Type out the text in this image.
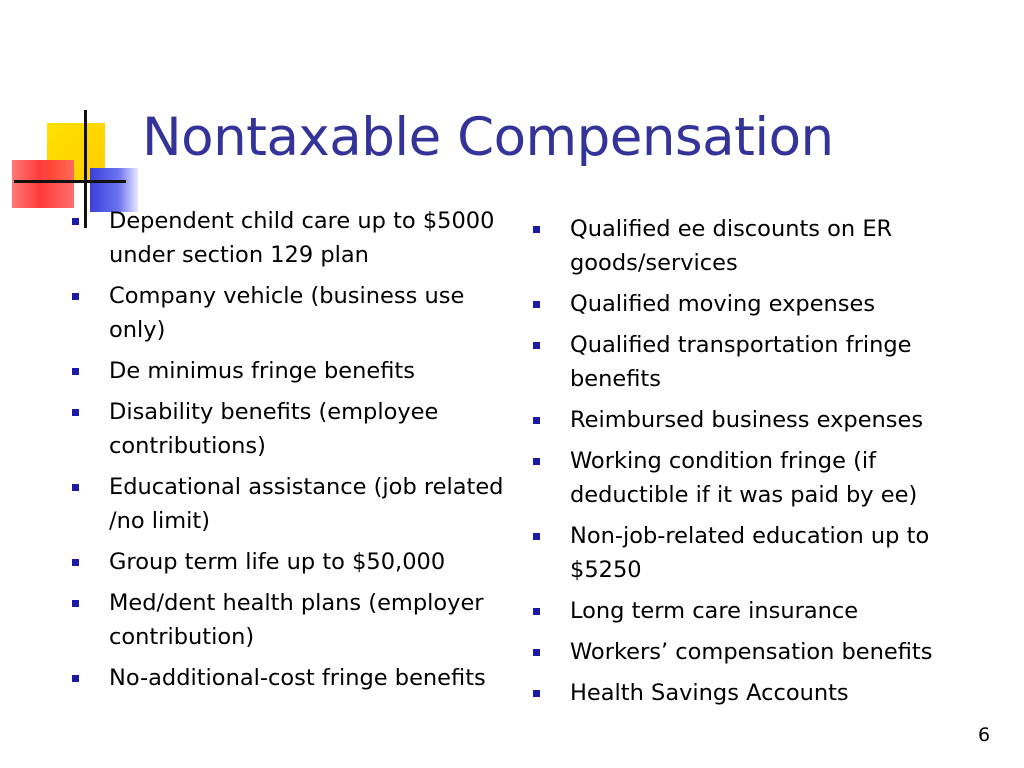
Nontaxable Compensation
Dependent child care up to $5000 under section 129 plan
Company vehicle (business use only)
De minimus fringe benefits
Disability benefits (employee contributions)
Educational assistance (job related /no limit)
Group term life up to $50,000
Med/dent health plans (employer contribution)
No-additional-cost fringe benefits
Qualified ee discounts on ER goods/services
Qualified moving expenses
Qualified transportation fringe benefits
Reimbursed business expenses
Working condition fringe (if deductible if it was paid by ee)
Non-job-related education up to $5250
Long term care insurance
Workers’ compensation benefits
Health Savings Accounts
6
